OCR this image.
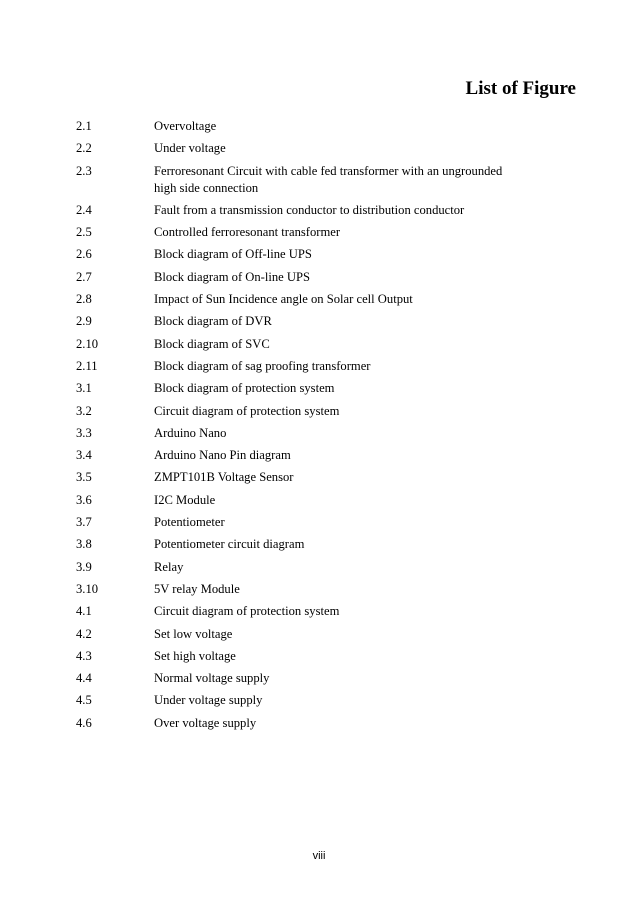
List of Figure
2.1	Overvoltage
2.2	Under voltage
2.3	Ferroresonant Circuit with cable fed transformer with an ungrounded high side connection
2.4	Fault from a transmission conductor to distribution conductor
2.5	Controlled ferroresonant transformer
2.6	Block diagram of Off-line UPS
2.7	Block diagram of On-line UPS
2.8	Impact of Sun Incidence angle on Solar cell Output
2.9	Block diagram of DVR
2.10	Block diagram of SVC
2.11	Block diagram of sag proofing transformer
3.1	Block diagram of protection system
3.2	Circuit diagram of protection system
3.3	Arduino Nano
3.4	Arduino Nano Pin diagram
3.5	ZMPT101B Voltage Sensor
3.6	I2C Module
3.7	Potentiometer
3.8	Potentiometer circuit diagram
3.9	Relay
3.10	5V relay Module
4.1	Circuit diagram of protection system
4.2	Set low voltage
4.3	Set high voltage
4.4	Normal voltage supply
4.5	Under voltage supply
4.6	Over voltage supply
viii
